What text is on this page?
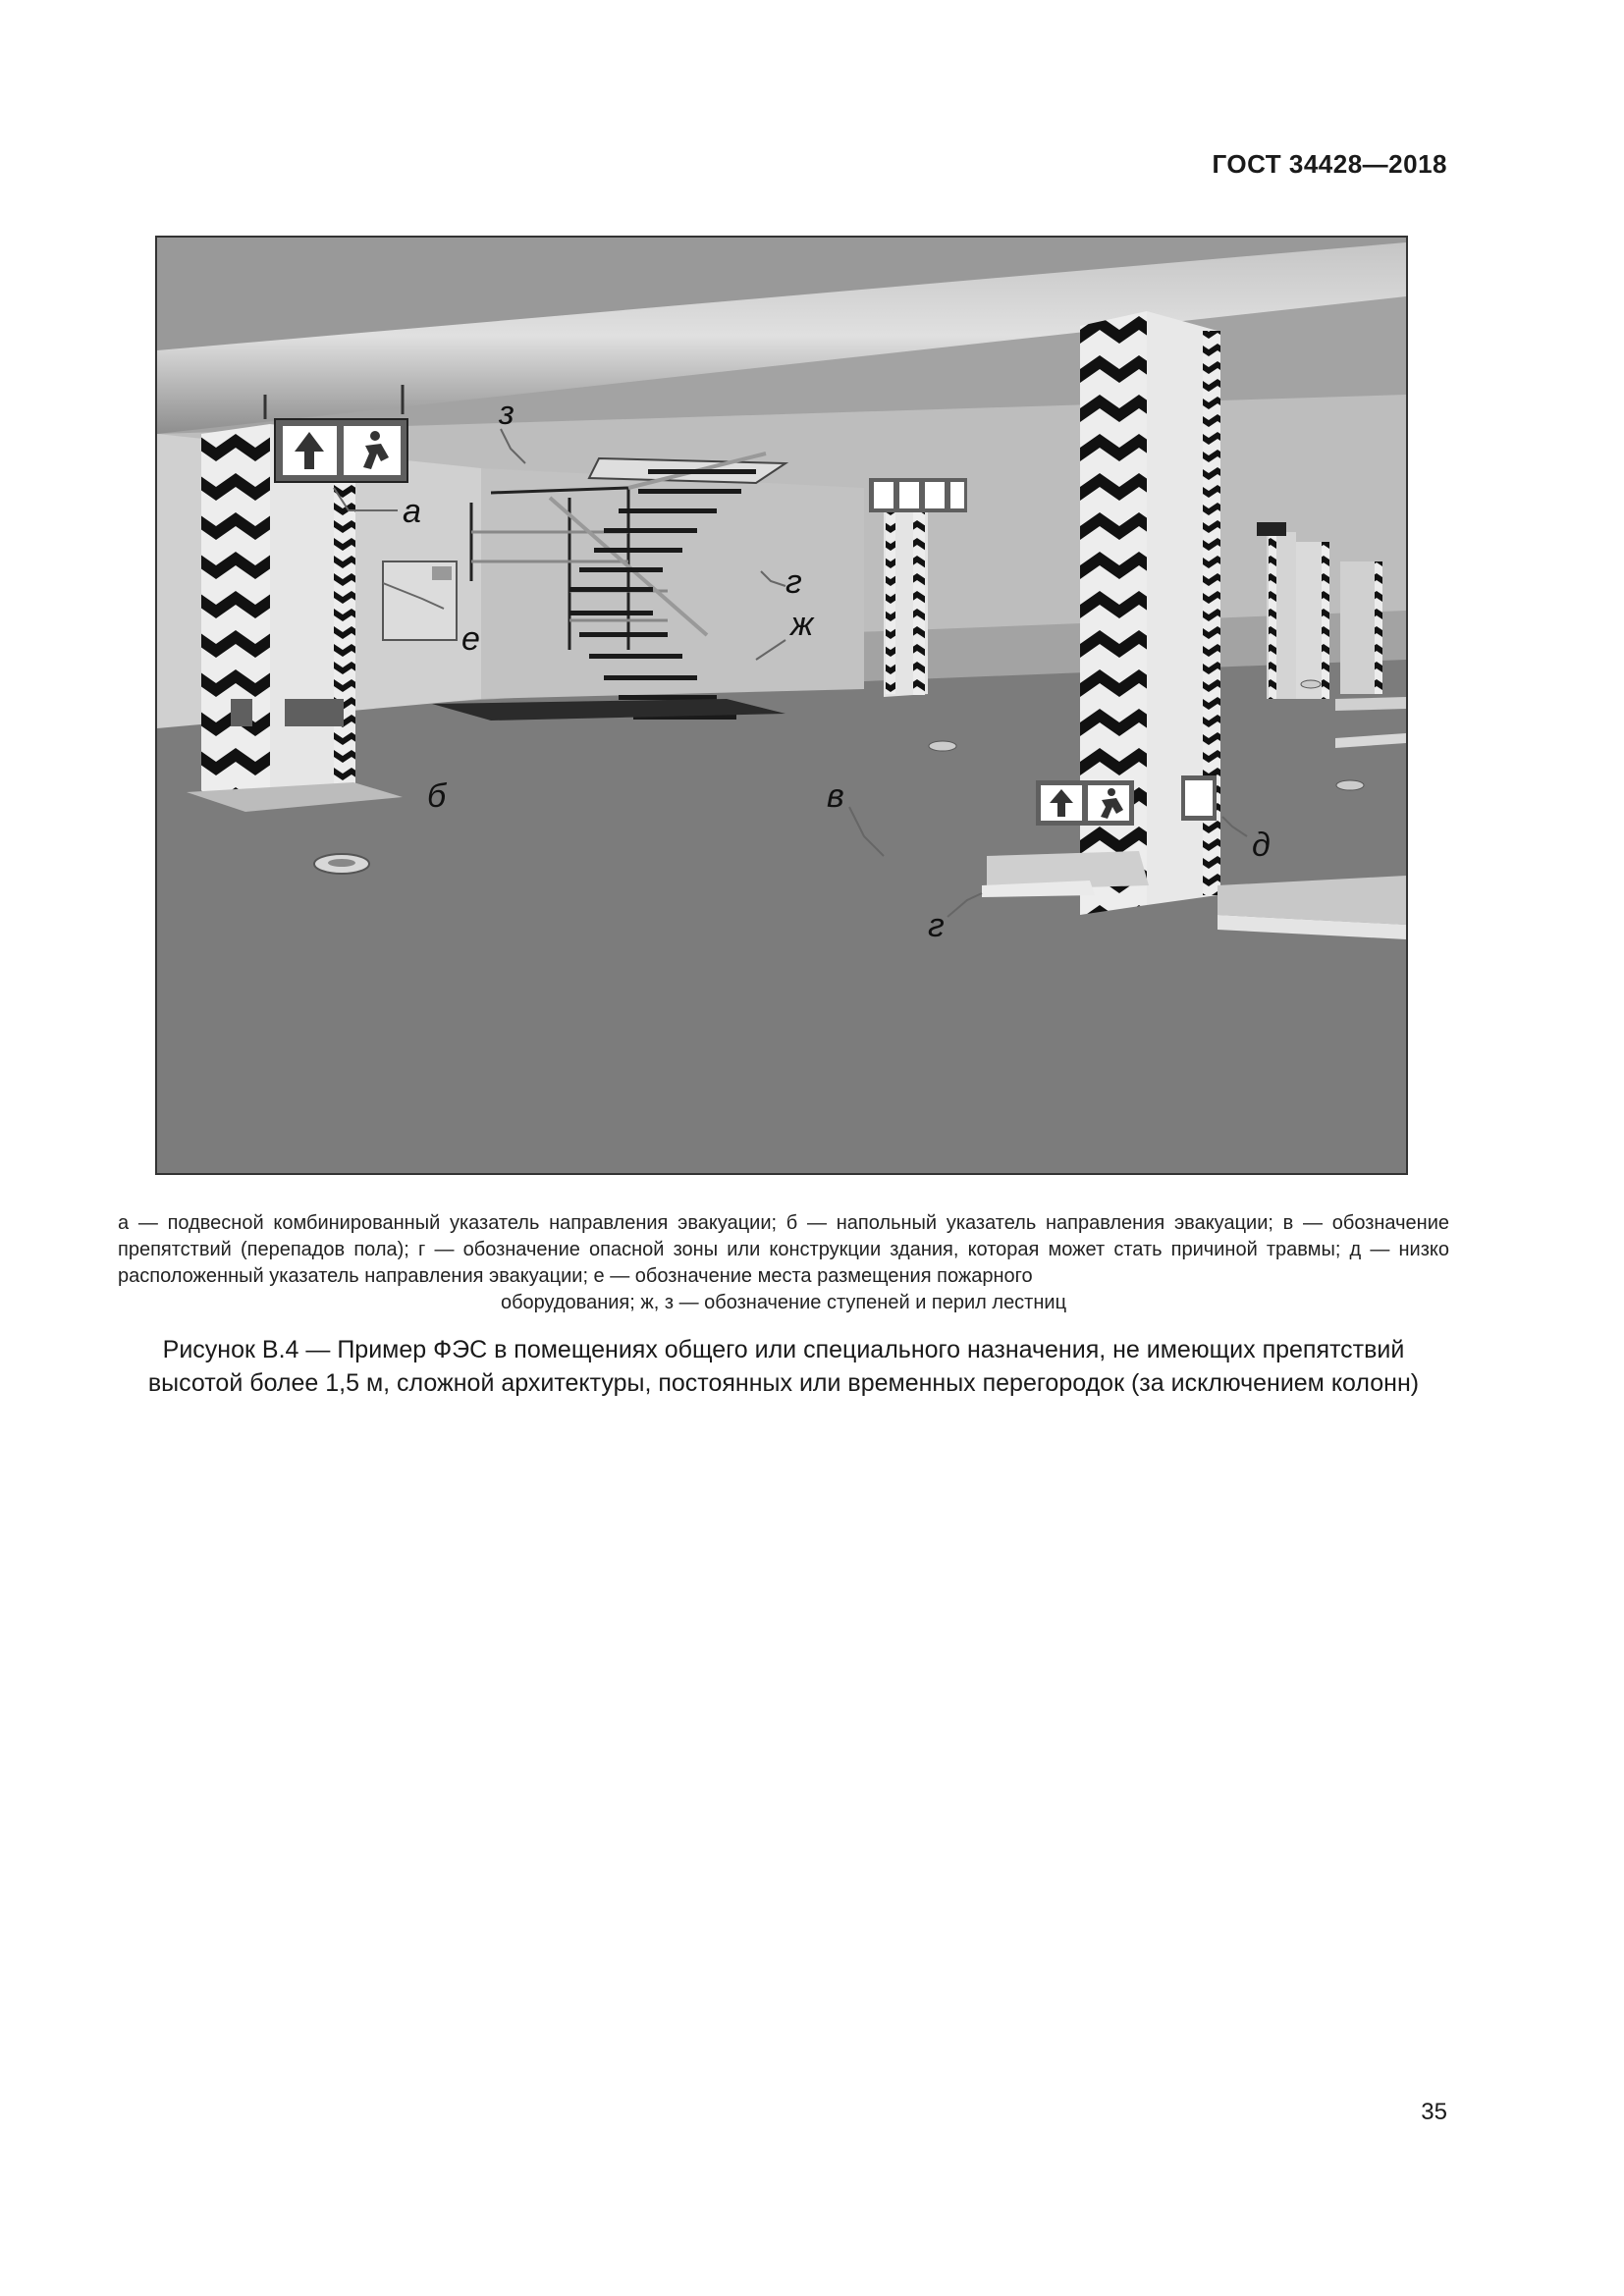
ГОСТ 34428—2018
а
з
е
г
ж
б	в
д
г
а — подвесной комбинированный указатель направления эвакуации; б — напольный указатель направления эвакуации; в — обозначение препятствий (перепадов пола); г — обозначение опасной зоны или конструкции здания, которая может стать причиной травмы; д — низко расположенный указатель направления эвакуации; е — обозначение места размещения пожарного
оборудования; ж, з — обозначение ступеней и перил лестниц
Рисунок В.4 — Пример ФЭС в помещениях общего или специального назначения, не имеющих препятствий
высотой более 1,5 м, сложной архитектуры, постоянных или временных перегородок (за исключением колонн)
35
